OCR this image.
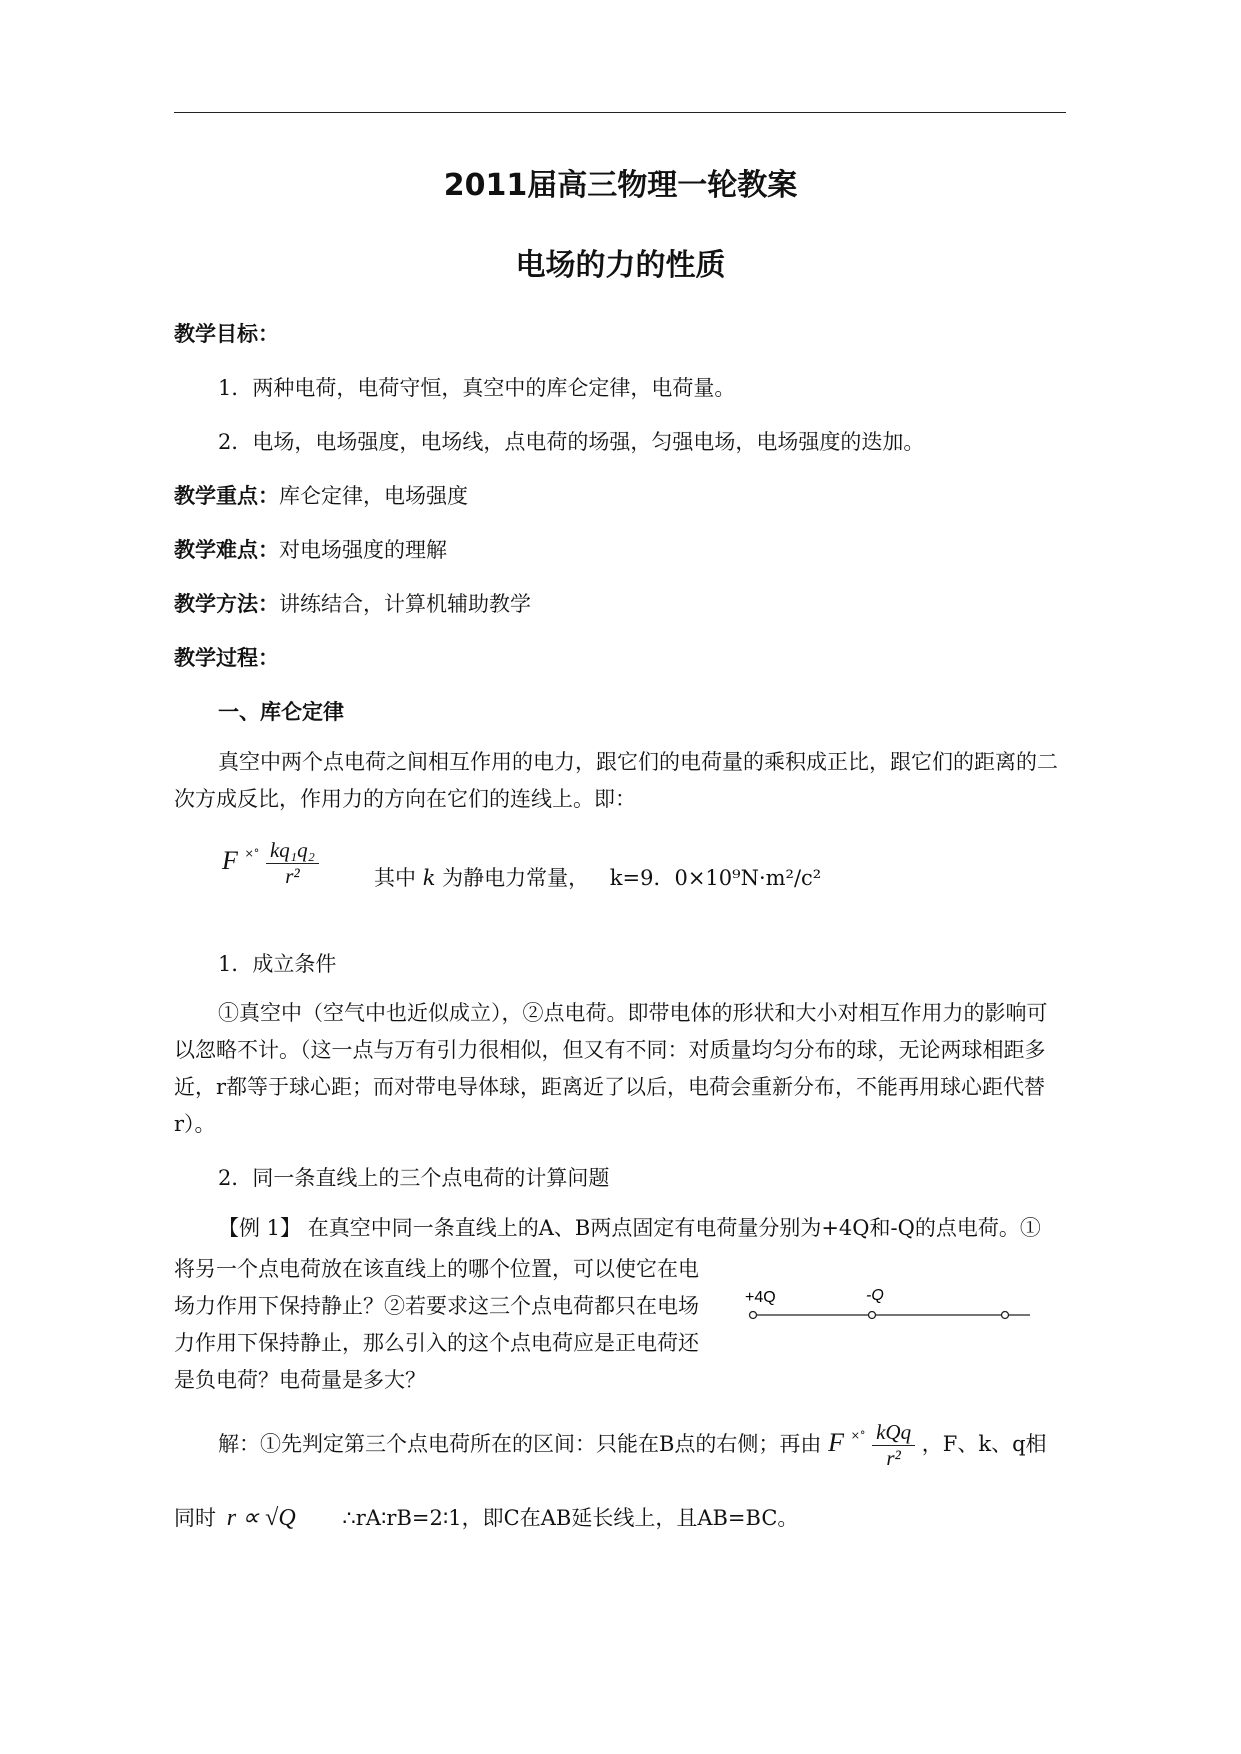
2011届高三物理一轮教案
电场的力的性质
教学目标：
1．两种电荷，电荷守恒，真空中的库仑定律，电荷量。
2．电场，电场强度，电场线，点电荷的场强，匀强电场，电场强度的迭加。
教学重点：库仑定律，电场强度
教学难点：对电场强度的理解
教学方法：讲练结合，计算机辅助教学
教学过程：
一、库仑定律
真空中两个点电荷之间相互作用的电力，跟它们的电荷量的乘积成正比，跟它们的距离的二次方成反比，作用力的方向在它们的连线上。即：
F $^{\times^\circ} \frac{\text{kq₁q₂}}{\text{r²}}$	其中 k 为静电力常量， k=9．0×10⁹N·m²/c²
1．成立条件
①真空中（空气中也近似成立），②点电荷。即带电体的形状和大小对相互作用力的影响可以忽略不计。（这一点与万有引力很相似，但又有不同：对质量均匀分布的球，无论两球相距多近，r都等于球心距；而对带电导体球，距离近了以后，电荷会重新分布，不能再用球心距代替r）。
2．同一条直线上的三个点电荷的计算问题
【例 1】 在真空中同一条直线上的A、B两点固定有电荷量分别为+4Q和-Q的点电荷。①
将另一个点电荷放在该直线上的哪个位置，可以使它在电场力作用下保持静止？②若要求这三个点电荷都只在电场力作用下保持静止，那么引入的这个点电荷应是正电荷还是负电荷？电荷量是多大？
+4Q	-Q
解：①先判定第三个点电荷所在的区间：只能在B点的右侧；再由 F $^{\times^\circ} \frac{\text{kQq}}{\text{r²}}$ ，F、k、q相
同时 r ∝ √Q ∴rA∶rB=2∶1，即C在AB延长线上，且AB=BC。
